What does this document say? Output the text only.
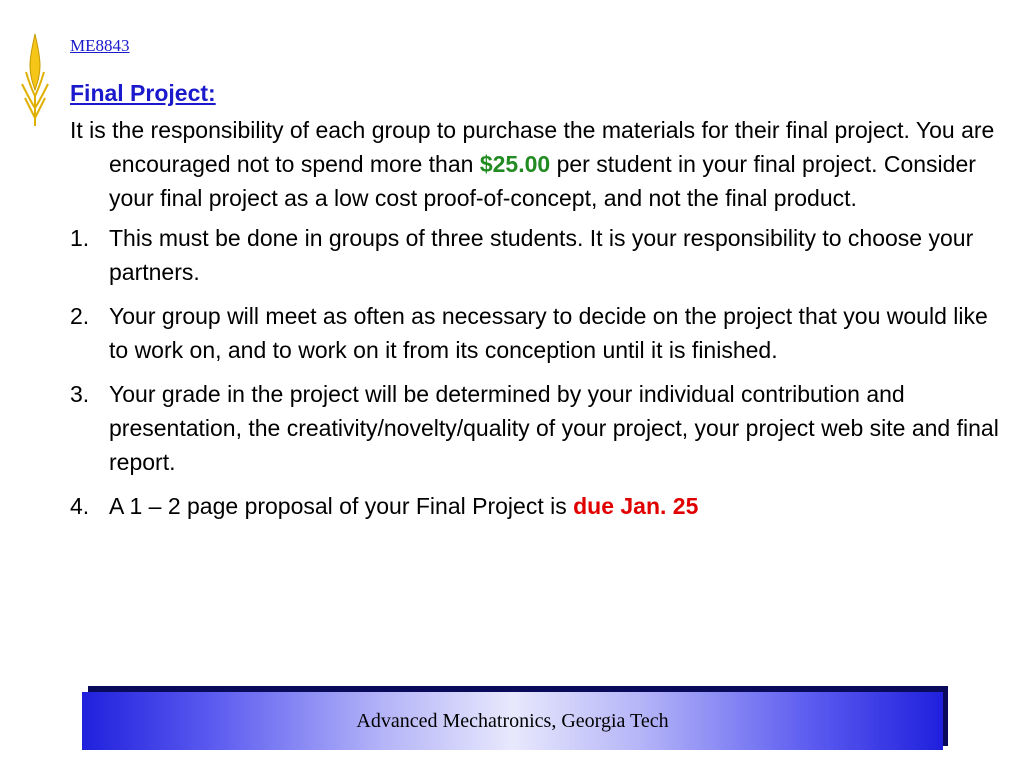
ME8843
Final Project:

It is the responsibility of each group to purchase the materials for their final project. You are encouraged not to spend more than $25.00 per student in your final project. Consider your final project as a low cost proof-of-concept, and not the final product.

1. This must be done in groups of three students. It is your responsibility to choose your partners.
2. Your group will meet as often as necessary to decide on the project that you would like to work on, and to work on it from its conception until it is finished.
3. Your grade in the project will be determined by your individual contribution and presentation, the creativity/novelty/quality of your project, your project web site and final report.
4. A 1 – 2 page proposal of your Final Project is due Jan. 25
Advanced Mechatronics, Georgia Tech
